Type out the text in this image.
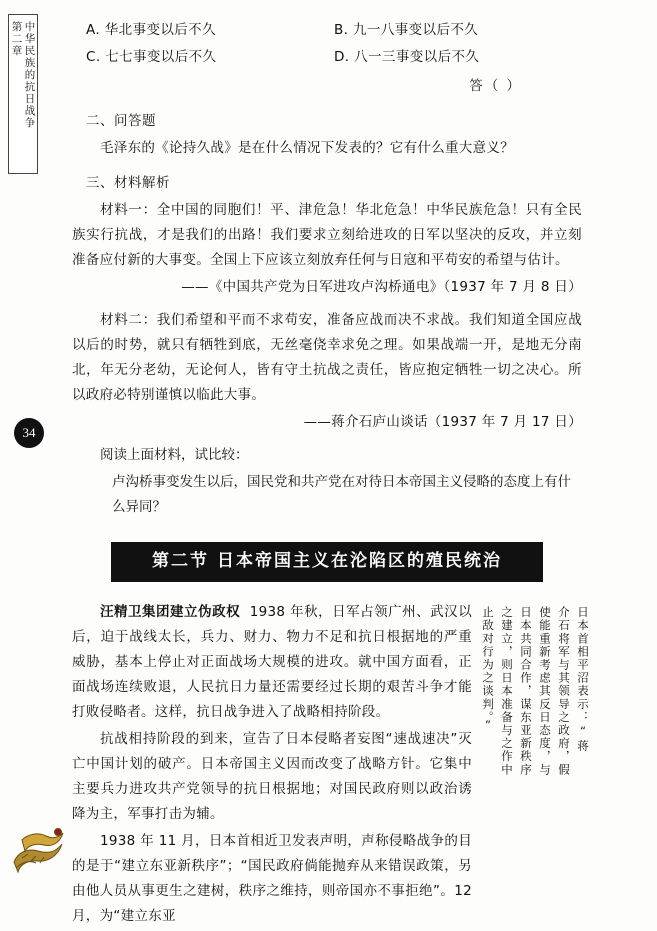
第二章 中华民族的抗日战争
34
A. 华北事变以后不久	B. 九一八事变以后不久
C. 七七事变以后不久	D. 八一三事变以后不久
答（ ）
二、问答题
毛泽东的《论持久战》是在什么情况下发表的？它有什么重大意义？
三、材料解析
材料一：全中国的同胞们！平、津危急！华北危急！中华民族危急！只有全民族实行抗战，才是我们的出路！我们要求立刻给进攻的日军以坚决的反攻，并立刻准备应付新的大事变。全国上下应该立刻放弃任何与日寇和平苟安的希望与估计。
——《中国共产党为日军进攻卢沟桥通电》（1937 年 7 月 8 日）
材料二：我们希望和平而不求苟安，准备应战而决不求战。我们知道全国应战以后的时势，就只有牺牲到底，无丝毫侥幸求免之理。如果战端一开，是地无分南北，年无分老幼，无论何人，皆有守土抗战之责任，皆应抱定牺牲一切之决心。所以政府必特别谨慎以临此大事。
——蒋介石庐山谈话（1937 年 7 月 17 日）
阅读上面材料，试比较：
卢沟桥事变发生以后，国民党和共产党在对待日本帝国主义侵略的态度上有什么异同？
第二节 日本帝国主义在沦陷区的殖民统治

汪精卫集团建立伪政权 1938 年秋，日军占领广州、武汉以后，迫于战线太长，兵力、财力、物力不足和抗日根据地的严重威胁，基本上停止对正面战场大规模的进攻。就中国方面看，正面战场连续败退，人民抗日力量还需要经过长期的艰苦斗争才能打败侵略者。这样，抗日战争进入了战略相持阶段。

抗战相持阶段的到来，宣告了日本侵略者妄图“速战速决”灭亡中国计划的破产。日本帝国主义因而改变了战略方针。它集中主要兵力进攻共产党领导的抗日根据地；对国民政府则以政治诱降为主，军事打击为辅。

1938 年 11 月，日本首相近卫发表声明，声称侵略战争的目的是于“建立东亚新秩序”；“国民政府倘能抛弃从来错误政策，另由他人员从事更生之建树，秩序之维持，则帝国亦不事拒绝”。12 月，为“建立东亚

日本首相平沼表示：“蒋
介石将军与其领导之政府，假
使能重新考虑其反日态度，与
日本共同合作，谋东亚新秩序
之建立，则日本准备与之作中
止敌对行为之谈判。”
